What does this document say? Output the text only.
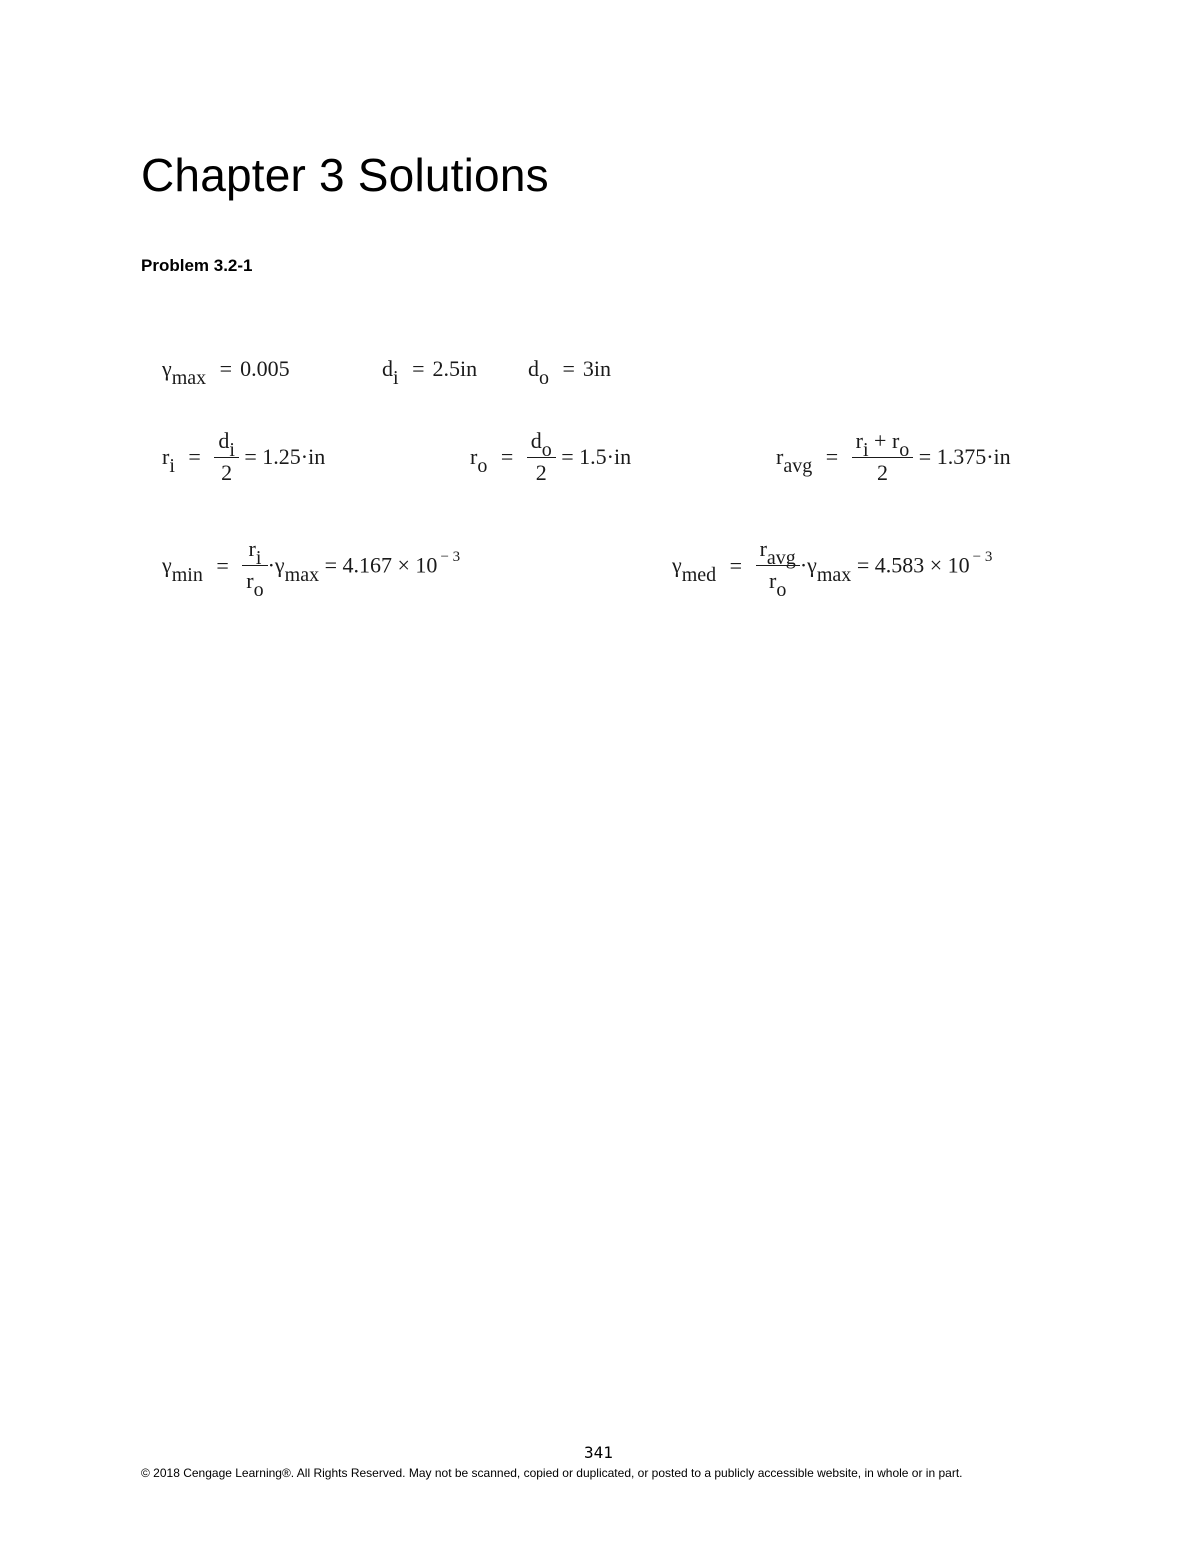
Chapter 3 Solutions
Problem 3.2-1
γmax = 0.005	di = 2.5in do = 3in
ri = $\frac{di}{2} = 1.25\cdot in$	ro = $\frac{do}{2} = 1.5\cdot in$	ravg = $\frac{ri + ro}{2} = 1.375\cdot in$
$\gamma\min = \frac{ri}{ro} \cdot\gamma\max = 4.167 \times 10$ $^{- 3}$	$\gamma med = \frac{\text{ravg}}{ro} \cdot\gamma\max = 4.583 \times 10$ $^{- 3}$
341
© 2018 Cengage Learning®. All Rights Reserved. May not be scanned, copied or duplicated, or posted to a publicly accessible website, in whole or in part.
